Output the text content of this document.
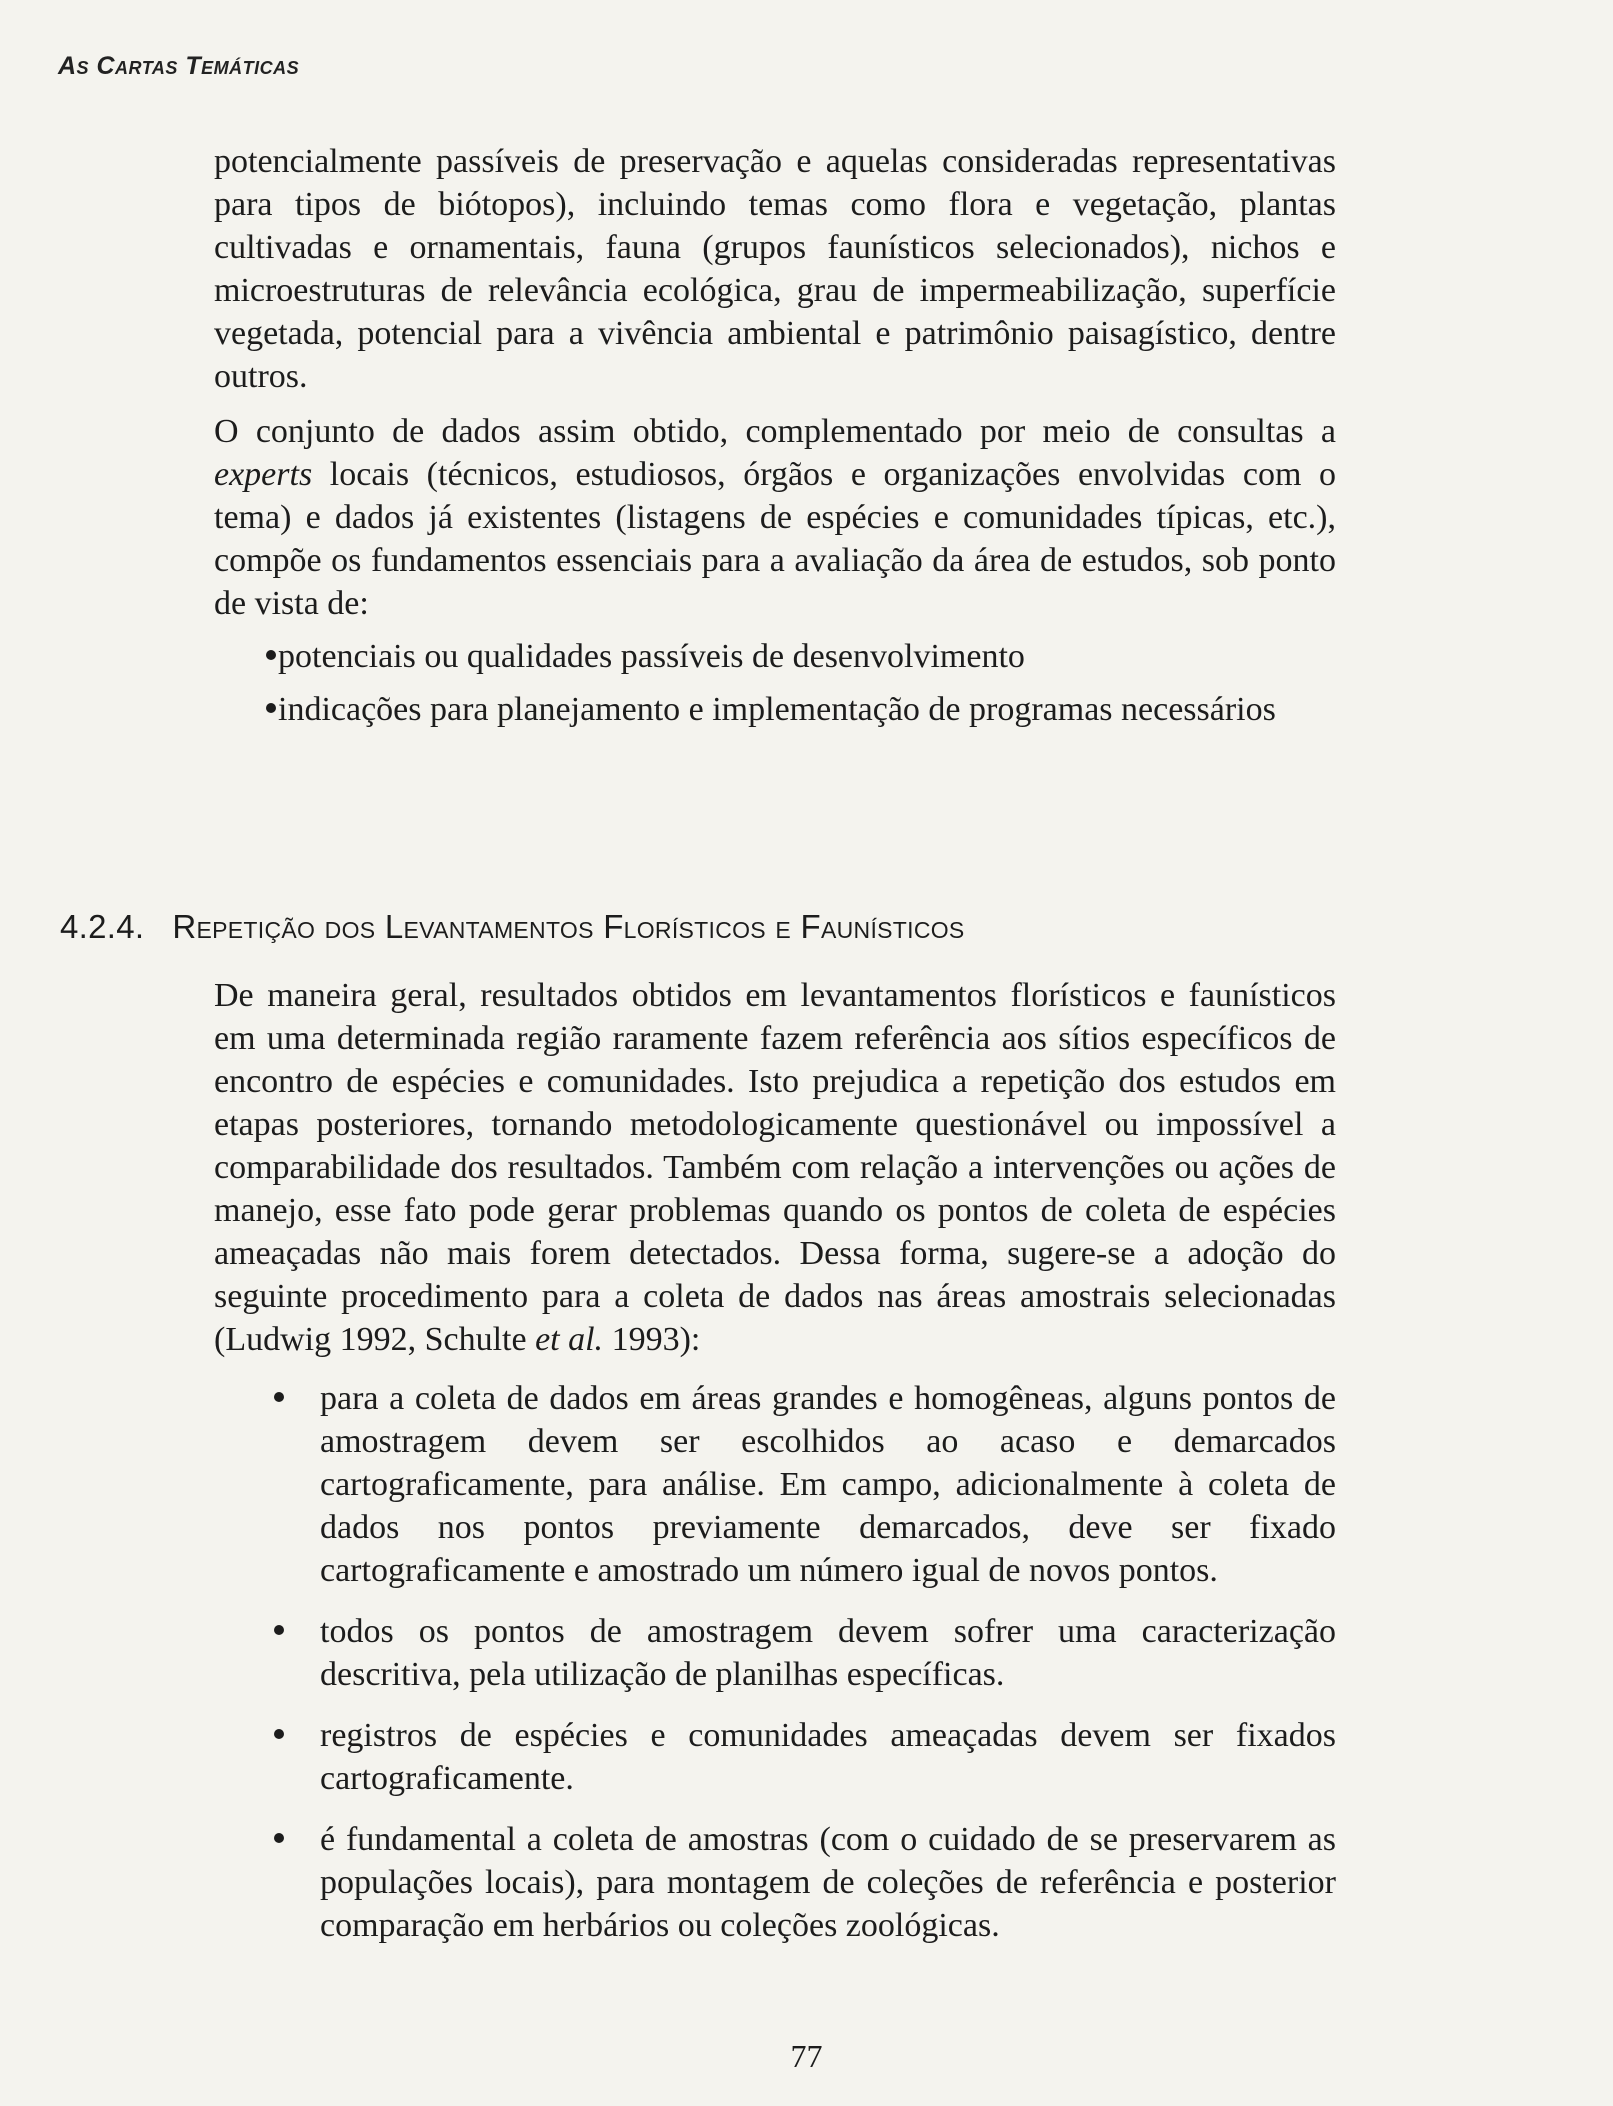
As Cartas Temáticas

potencialmente passíveis de preservação e aquelas consideradas representativas para tipos de biótopos), incluindo temas como flora e vegetação, plantas cultivadas e ornamentais, fauna (grupos faunísticos selecionados), nichos e microestruturas de relevância ecológica, grau de impermeabilização, superfície vegetada, potencial para a vivência ambiental e patrimônio paisagístico, dentre outros.

O conjunto de dados assim obtido, complementado por meio de consultas a experts locais (técnicos, estudiosos, órgãos e organizações envolvidas com o tema) e dados já existentes (listagens de espécies e comunidades típicas, etc.), compõe os fundamentos essenciais para a avaliação da área de estudos, sob ponto de vista de:

potenciais ou qualidades passíveis de desenvolvimento
indicações para planejamento e implementação de programas necessários
4.2.4. Repetição dos Levantamentos Florísticos e Faunísticos

De maneira geral, resultados obtidos em levantamentos florísticos e faunísticos em uma determinada região raramente fazem referência aos sítios específicos de encontro de espécies e comunidades. Isto prejudica a repetição dos estudos em etapas posteriores, tornando metodologicamente questionável ou impossível a comparabilidade dos resultados. Também com relação a intervenções ou ações de manejo, esse fato pode gerar problemas quando os pontos de coleta de espécies ameaçadas não mais forem detectados. Dessa forma, sugere-se a adoção do seguinte procedimento para a coleta de dados nas áreas amostrais selecionadas (Ludwig 1992, Schulte et al. 1993):

para a coleta de dados em áreas grandes e homogêneas, alguns pontos de amostragem devem ser escolhidos ao acaso e demarcados cartograficamente, para análise. Em campo, adicionalmente à coleta de dados nos pontos previamente demarcados, deve ser fixado cartograficamente e amostrado um número igual de novos pontos.
todos os pontos de amostragem devem sofrer uma caracterização descritiva, pela utilização de planilhas específicas.
registros de espécies e comunidades ameaçadas devem ser fixados cartograficamente.
é fundamental a coleta de amostras (com o cuidado de se preservarem as populações locais), para montagem de coleções de referência e posterior comparação em herbários ou coleções zoológicas.
77
